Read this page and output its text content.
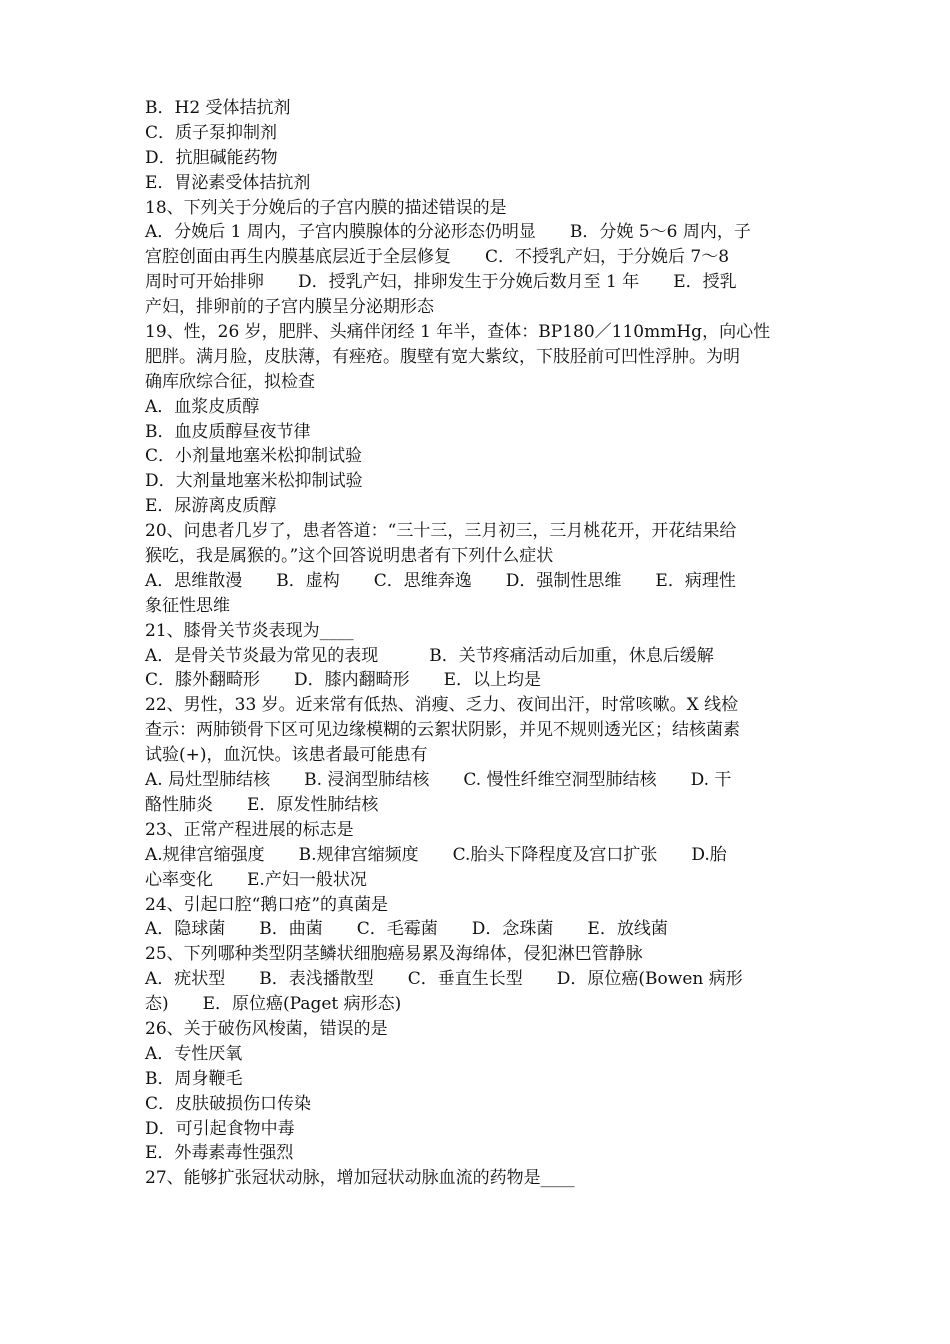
B．H2 受体拮抗剂
C．质子泵抑制剂
D．抗胆碱能药物
E．胃泌素受体拮抗剂
18、下列关于分娩后的子宫内膜的描述错误的是
A．分娩后 1 周内，子宫内膜腺体的分泌形态仍明显　　B．分娩 5～6 周内，子
宫腔创面由再生内膜基底层近于全层修复　　C．不授乳产妇，于分娩后 7～8
周时可开始排卵　　D．授乳产妇，排卵发生于分娩后数月至 1 年　　E．授乳
产妇，排卵前的子宫内膜呈分泌期形态
19、性，26 岁，肥胖、头痛伴闭经 1 年半，查体：BP180／110mmHg，向心性
肥胖。满月脸，皮肤薄，有痤疮。腹壁有宽大紫纹，下肢胫前可凹性浮肿。为明
确库欣综合征，拟检查
A．血浆皮质醇
B．血皮质醇昼夜节律
C．小剂量地塞米松抑制试验
D．大剂量地塞米松抑制试验
E．尿游离皮质醇
20、问患者几岁了，患者答道：“三十三，三月初三，三月桃花开，开花结果给
猴吃，我是属猴的。”这个回答说明患者有下列什么症状
A．思维散漫　　B．虚构　　C．思维奔逸　　D．强制性思维　　E．病理性
象征性思维
21、膝骨关节炎表现为____
A．是骨关节炎最为常见的表现　　　B．关节疼痛活动后加重，休息后缓解
C．膝外翻畸形　　D．膝内翻畸形　　E．以上均是
22、男性，33 岁。近来常有低热、消瘦、乏力、夜间出汗，时常咳嗽。X 线检
查示：两肺锁骨下区可见边缘模糊的云絮状阴影，并见不规则透光区；结核菌素
试验(+)，血沉快。该患者最可能患有
A. 局灶型肺结核　　B. 浸润型肺结核　　C. 慢性纤维空洞型肺结核　　D. 干
酪性肺炎　　E．原发性肺结核
23、正常产程进展的标志是
A.规律宫缩强度　　B.规律宫缩频度　　C.胎头下降程度及宫口扩张　　D.胎
心率变化　　E.产妇一般状况
24、引起口腔“鹅口疮”的真菌是
A．隐球菌　　B．曲菌　　C．毛霉菌　　D．念珠菌　　E．放线菌
25、下列哪种类型阴茎鳞状细胞癌易累及海绵体，侵犯淋巴管静脉
A．疣状型　　B．表浅播散型　　C．垂直生长型　　D．原位癌(Bowen 病形
态)　　E．原位癌(Paget 病形态)
26、关于破伤风梭菌，错误的是
A．专性厌氧
B．周身鞭毛
C．皮肤破损伤口传染
D．可引起食物中毒
E．外毒素毒性强烈
27、能够扩张冠状动脉，增加冠状动脉血流的药物是____
